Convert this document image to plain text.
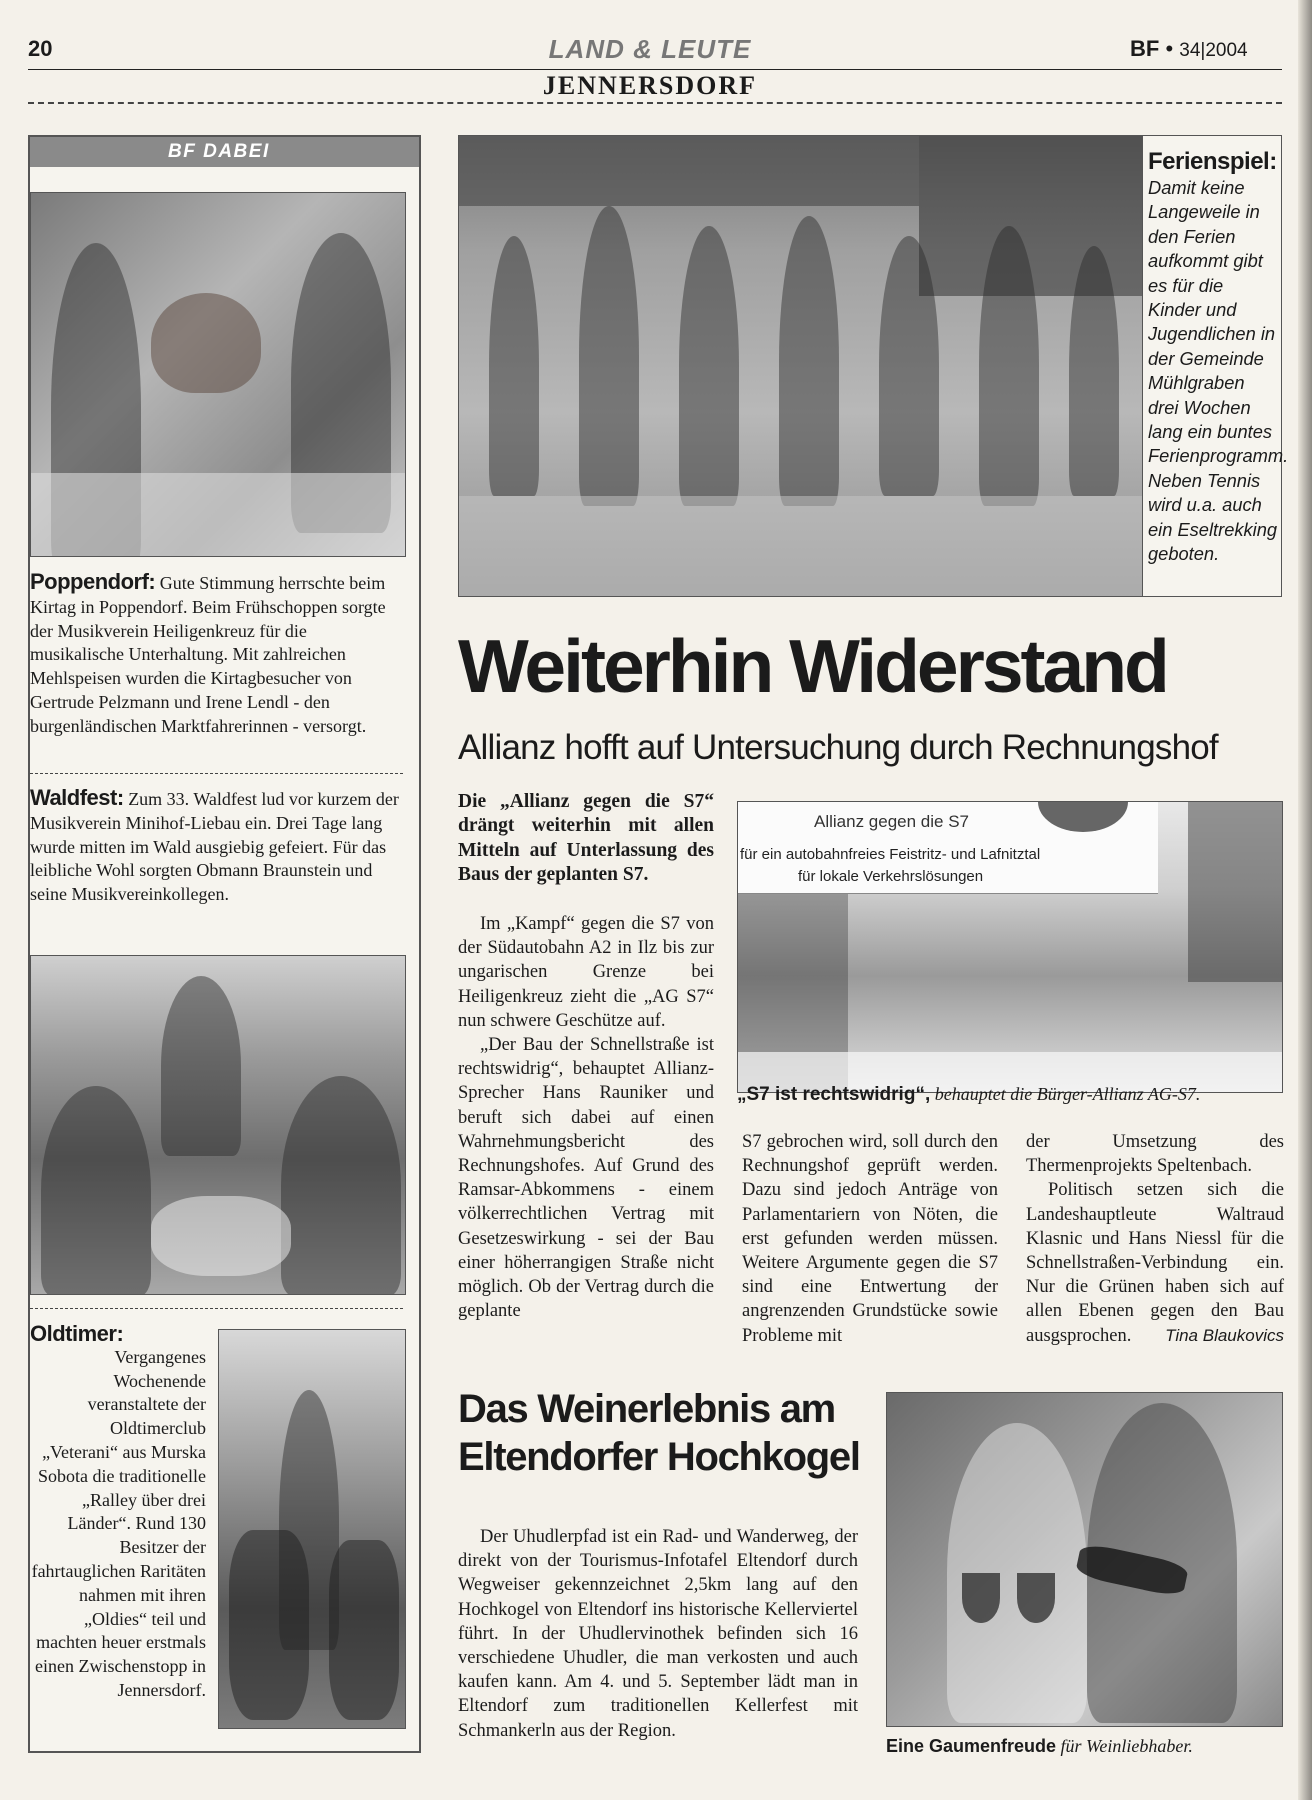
20	LAND & LEUTE	BF • 34|2004
JENNERSDORF
BF DABEI
Poppendorf: Gute Stimmung herrschte beim Kirtag in Poppendorf. Beim Frühschoppen sorgte der Musikverein Heiligenkreuz für die musikalische Unterhaltung. Mit zahlreichen Mehlspeisen wurden die Kirtagbesucher von Gertrude Pelzmann und Irene Lendl - den burgenländischen Marktfahrerinnen - versorgt.
Waldfest: Zum 33. Waldfest lud vor kurzem der Musikverein Minihof-Liebau ein. Drei Tage lang wurde mitten im Wald ausgiebig gefeiert. Für das leibliche Wohl sorgten Obmann Braunstein und seine Musikvereinkollegen.
Oldtimer:
Vergangenes Wochenende veranstaltete der Oldtimerclub „Veterani“ aus Murska Sobota die traditionelle „Ralley über drei Länder“. Rund 130 Besitzer der fahrtauglichen Raritäten nahmen mit ihren „Oldies“ teil und machten heuer erstmals einen Zwischenstopp in Jennersdorf.
Ferienspiel:
Damit keine Langeweile in den Ferien aufkommt gibt es für die Kinder und Jugendlichen in der Gemeinde Mühlgraben drei Wochen lang ein buntes Ferienprogramm. Neben Tennis wird u.a. auch ein Eseltrekking geboten.
Weiterhin Widerstand
Allianz hofft auf Untersuchung durch Rechnungshof
Die „Allianz gegen die S7“ drängt weiterhin mit allen Mitteln auf Unterlassung des Baus der geplanten S7.
Im „Kampf“ gegen die S7 von der Südautobahn A2 in Ilz bis zur ungarischen Grenze bei Heiligenkreuz zieht die „AG S7“ nun schwere Geschütze auf.
„Der Bau der Schnellstraße ist rechtswidrig“, behauptet Allianz-Sprecher Hans Rauniker und beruft sich dabei auf einen Wahrnehmungsbericht des Rechnungshofes. Auf Grund des Ramsar-Abkommens - einem völkerrechtlichen Vertrag mit Gesetzeswirkung - sei der Bau einer höherrangigen Straße nicht möglich. Ob der Vertrag durch die geplante
Allianz gegen die S7
für ein autobahnfreies Feistritz- und Lafnitztal
für lokale Verkehrslösungen
„S7 ist rechtswidrig“, behauptet die Bürger-Allianz AG-S7.
S7 gebrochen wird, soll durch den Rechnungshof geprüft werden. Dazu sind jedoch Anträge von Parlamentariern von Nöten, die erst gefunden werden müssen. Weitere Argumente gegen die S7 sind eine Entwertung der angrenzenden Grundstücke sowie Probleme mit
der Umsetzung des Thermenprojekts Speltenbach.
Politisch setzen sich die Landeshauptleute Waltraud Klasnic und Hans Niessl für die Schnellstraßen-Verbindung ein. Nur die Grünen haben sich auf allen Ebenen gegen den Bau ausgsprochen.	Tina Blaukovics
Das Weinerlebnis am
Eltendorfer Hochkogel
Der Uhudlerpfad ist ein Rad- und Wanderweg, der direkt von der Tourismus-Infotafel Eltendorf durch Wegweiser gekennzeichnet 2,5km lang auf den Hochkogel von Eltendorf ins historische Kellerviertel führt. In der Uhudlervinothek befinden sich 16 verschiedene Uhudler, die man verkosten und auch kaufen kann. Am 4. und 5. September lädt man in Eltendorf zum traditionellen Kellerfest mit Schmankerln aus der Region.
Eine Gaumenfreude für Weinliebhaber.
